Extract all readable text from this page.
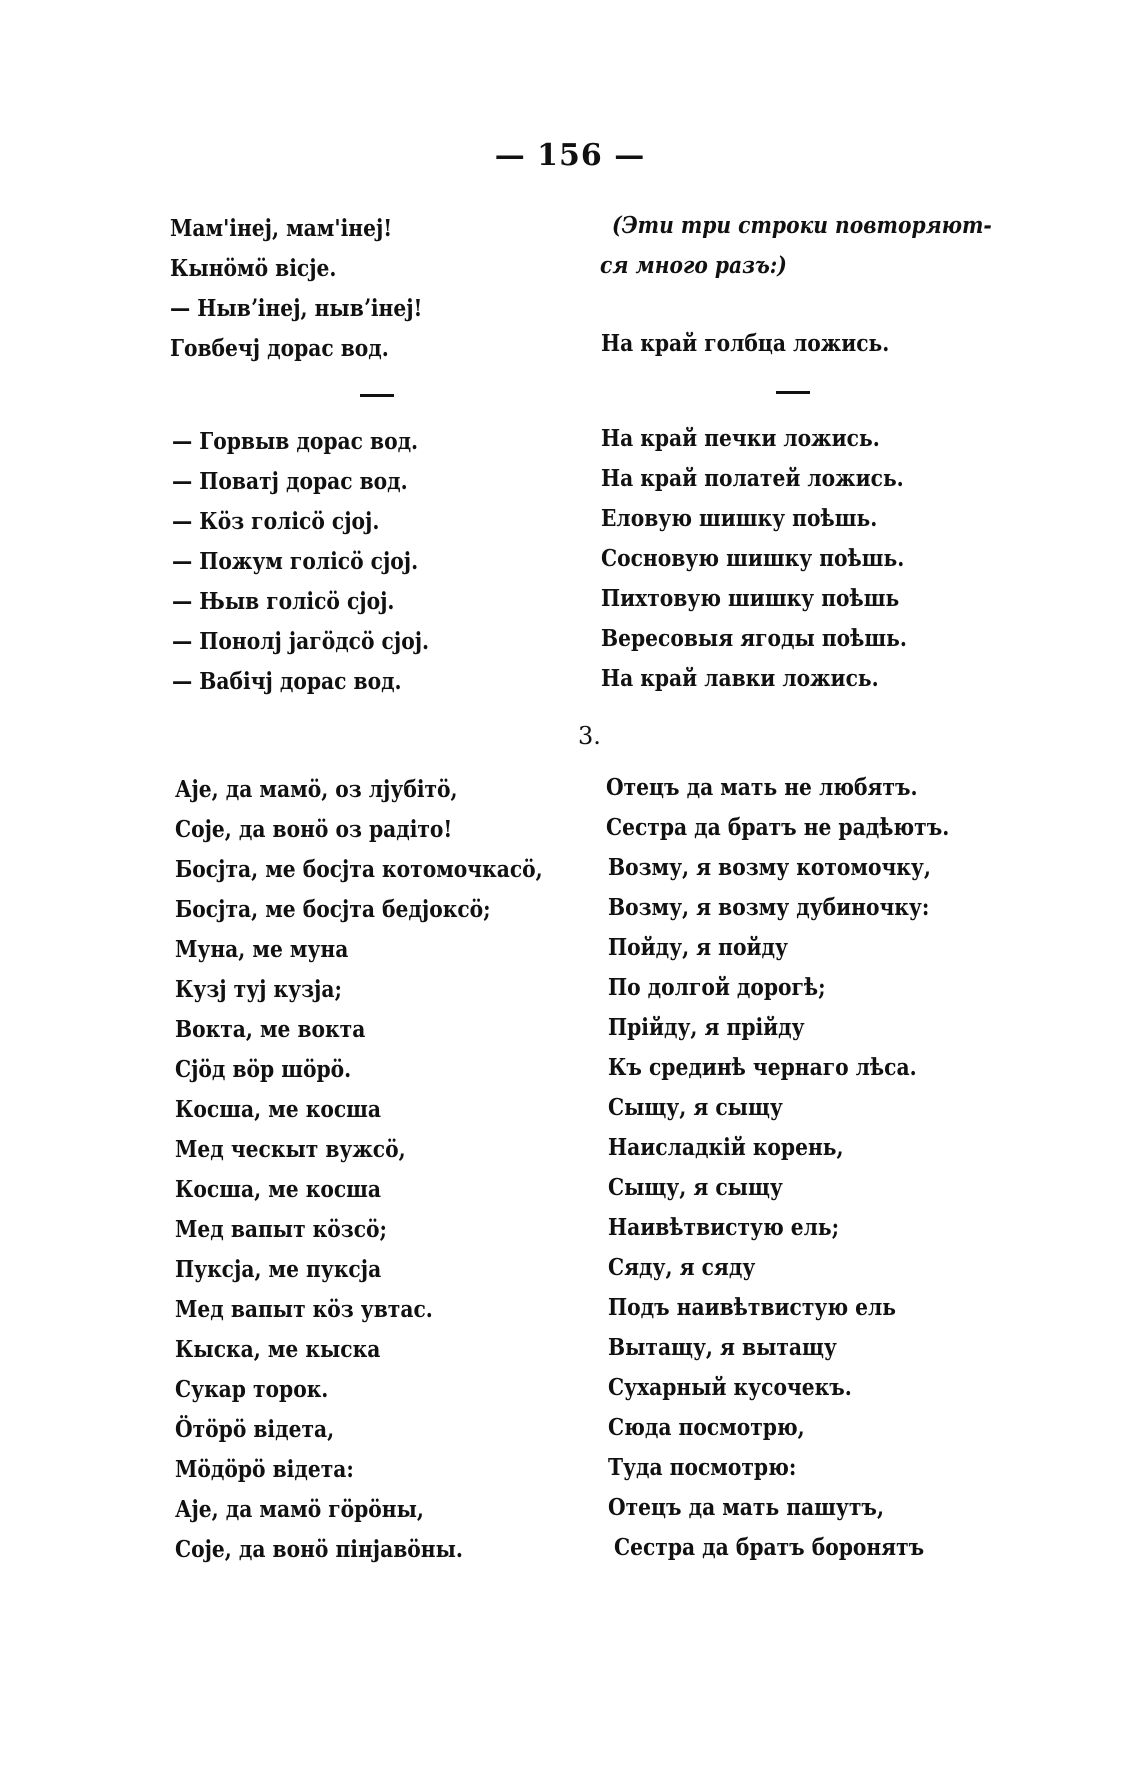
— 156 —
Мам'інеј, мам'інеј!
Кынӧмӧ вісје.
— Нывʼінеј, нывʼінеј!
Говбечј дорас вод.
— Горвыв дорас вод.
— Поватј дорас вод.
— Кӧз голісӧ сјој.
— Пожум голісӧ сјој.
— Њыв голісӧ сјој.
— Понолј јагӧдсӧ сјој.
— Вабічј дорас вод.
Аје, да мамӧ, оз лјубітӧ,
Соје, да вонӧ оз радіто!
Босјта, ме босјта котомочкасӧ,
Босјта, ме босјта бедјоксӧ;
Муна, ме муна
Кузј туј кузја;
Вокта, ме вокта
Сјӧд вӧр шӧрӧ.
Косша, ме косша
Мед ческыт вужсӧ,
Косша, ме косша
Мед вапыт кӧзсӧ;
Пуксја, ме пуксја
Мед вапыт кӧз увтас.
Кыска, ме кыска
Сукар торок.
Ӧтӧрӧ відета,
Мӧдӧрӧ відета:
Аје, да мамӧ гӧрӧны,
Соје, да вонӧ пінјавӧны.
(Эти три строки повторяют-
ся много разъ:)
На край голбца ложись.
На край печки ложись.
На край полатей ложись.
Еловую шишку поѣшь.
Сосновую шишку поѣшь.
Пихтовую шишку поѣшь
Вересовыя ягоды поѣшь.
На край лавки ложись.
3.
Отецъ да мать не любятъ.
Сестра да братъ не радѣютъ.
Возму, я возму котомочку,
Возму, я возму дубиночку:
Пойду, я пойду
По долгой дорогѣ;
Прійду, я прійду
Къ срединѣ чернаго лѣса.
Сыщу, я сыщу
Наисладкій корень,
Сыщу, я сыщу
Наивѣтвистую ель;
Сяду, я сяду
Подъ наивѣтвистую ель
Вытащу, я вытащу
Сухарный кусочекъ.
Сюда посмотрю,
Туда посмотрю:
Отецъ да мать пашутъ,
Сестра да братъ боронятъ
